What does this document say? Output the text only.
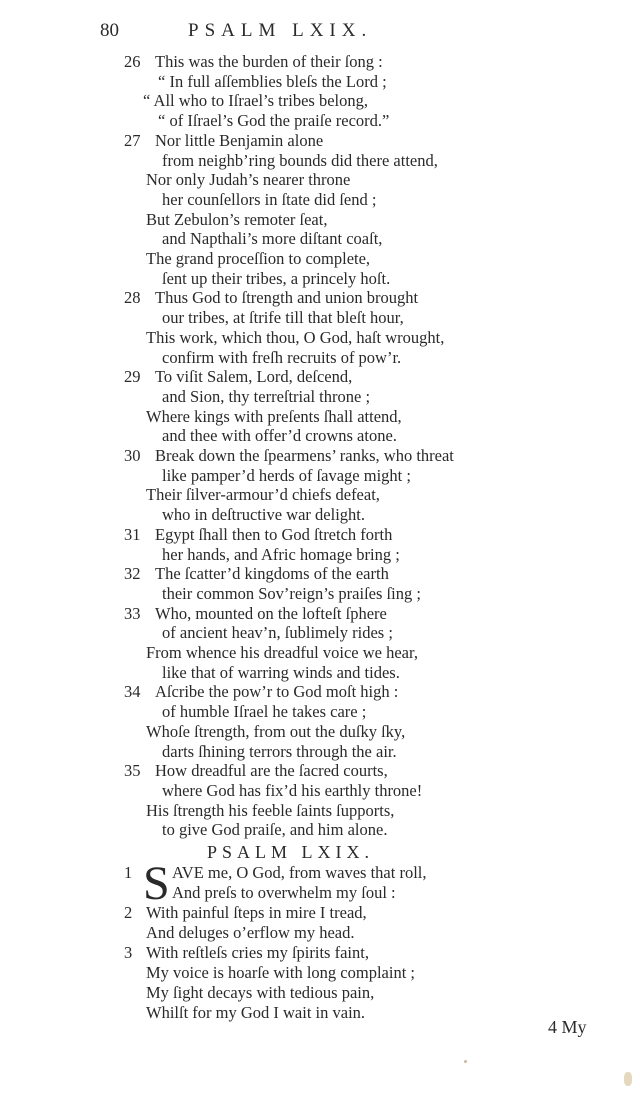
80	PSALM LXIX.
26 This was the burden of their ſong :
“ In full aſſemblies bleſs the Lord ;
“ All who to Iſrael’s tribes belong,
“ of Iſrael’s God the praiſe record.”
27 Nor little Benjamin alone
from neighb’ring bounds did there attend,
Nor only Judah’s nearer throne
her counſellors in ſtate did ſend ;
But Zebulon’s remoter ſeat,
and Napthali’s more diſtant coaſt,
The grand proceſſion to complete,
ſent up their tribes, a princely hoſt.
28 Thus God to ſtrength and union brought
our tribes, at ſtrife till that bleſt hour,
This work, which thou, O God, haſt wrought,
confirm with freſh recruits of pow’r.
29 To viſit Salem, Lord, deſcend,
and Sion, thy terreſtrial throne ;
Where kings with preſents ſhall attend,
and thee with offer’d crowns atone.
30 Break down the ſpearmens’ ranks, who threat
like pamper’d herds of ſavage might ;
Their ſilver-armour’d chiefs defeat,
who in deſtructive war delight.
31 Egypt ſhall then to God ſtretch forth
her hands, and Afric homage bring ;
32 The ſcatter’d kingdoms of the earth
their common Sov’reign’s praiſes ſing ;
33 Who, mounted on the lofteſt ſphere
of ancient heav’n, ſublimely rides ;
From whence his dreadful voice we hear,
like that of warring winds and tides.
34 Aſcribe the pow’r to God moſt high :
of humble Iſrael he takes care ;
Whoſe ſtrength, from out the duſky ſky,
darts ſhining terrors through the air.
35 How dreadful are the ſacred courts,
where God has fix’d his earthly throne!
His ſtrength his feeble ſaints ſupports,
to give God praiſe, and him alone.
PSALM LXIX.
S
1 AVE me, O God, from waves that roll,
And preſs to overwhelm my ſoul :
2 With painful ſteps in mire I tread,
And deluges o’erflow my head.
3 With reſtleſs cries my ſpirits faint,
My voice is hoarſe with long complaint ;
My ſight decays with tedious pain,
Whilſt for my God I wait in vain.
4 My
